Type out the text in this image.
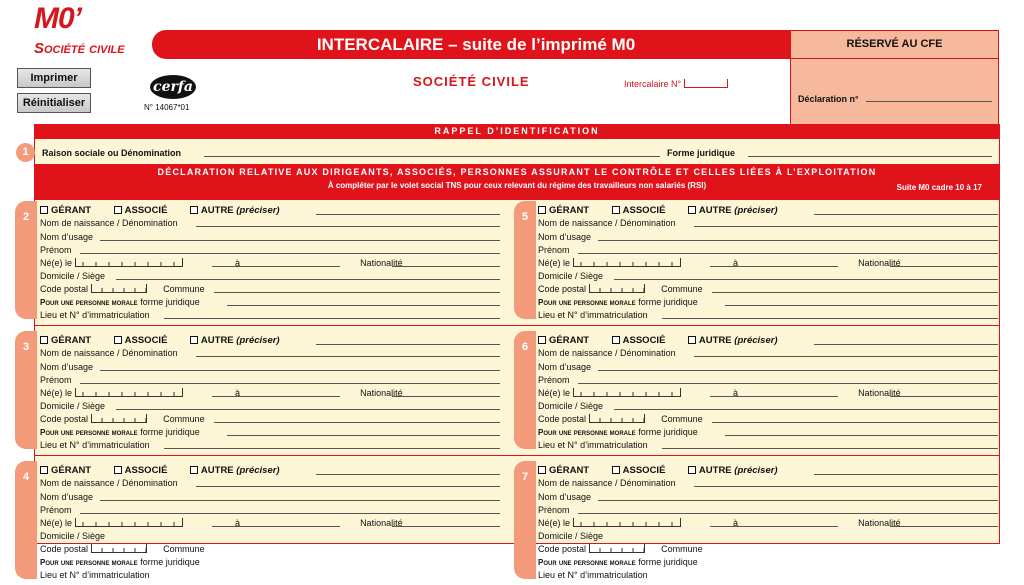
M0’
Société civile
Imprimer
Réinitialiser
cerfa
N° 14067*01
INTERCALAIRE – suite de l’imprimé M0
SOCIÉTÉ CIVILE	Intercalaire N°
RÉSERVÉ AU CFE
Déclaration n°
RAPPEL D’IDENTIFICATION
1	Raison sociale ou Dénomination	Forme juridique
DÉCLARATION RELATIVE AUX DIRIGEANTS, ASSOCIÉS, PERSONNES ASSURANT LE CONTRÔLE ET CELLES LIÉES À L’EXPLOITATION
À compléter par le volet social TNS pour ceux relevant du régime des travailleurs non salariés (RSI)	Suite M0 cadre 10 à 17
2
GÉRANT	ASSOCIÉ	AUTRE (préciser)
Nom de naissance / Dénomination
Nom d’usage
Prénom
Né(e) le	à	Nationalité
Domicile / Siège
Code postal	Commune
Pour une personne morale forme juridique
Lieu et N° d’immatriculation
5
GÉRANT	ASSOCIÉ	AUTRE (préciser)
Nom de naissance / Dénomination
Nom d’usage
Prénom
Né(e) le	à	Nationalité
Domicile / Siège
Code postal	Commune
Pour une personne morale forme juridique
Lieu et N° d’immatriculation
3
GÉRANT	ASSOCIÉ	AUTRE (préciser)
Nom de naissance / Dénomination
Nom d’usage
Prénom
Né(e) le	à	Nationalité
Domicile / Siège
Code postal	Commune
Pour une personne morale forme juridique
Lieu et N° d’immatriculation
6
GÉRANT	ASSOCIÉ	AUTRE (préciser)
Nom de naissance / Dénomination
Nom d’usage
Prénom
Né(e) le	à	Nationalité
Domicile / Siège
Code postal	Commune
Pour une personne morale forme juridique
Lieu et N° d’immatriculation
4
GÉRANT	ASSOCIÉ	AUTRE (préciser)
Nom de naissance / Dénomination
Nom d’usage
Prénom
Né(e) le	à	Nationalité
Domicile / Siège
Code postal	Commune
Pour une personne morale forme juridique
Lieu et N° d’immatriculation
7
GÉRANT	ASSOCIÉ	AUTRE (préciser)
Nom de naissance / Dénomination
Nom d’usage
Prénom
Né(e) le	à	Nationalité
Domicile / Siège
Code postal	Commune
Pour une personne morale forme juridique
Lieu et N° d’immatriculation
